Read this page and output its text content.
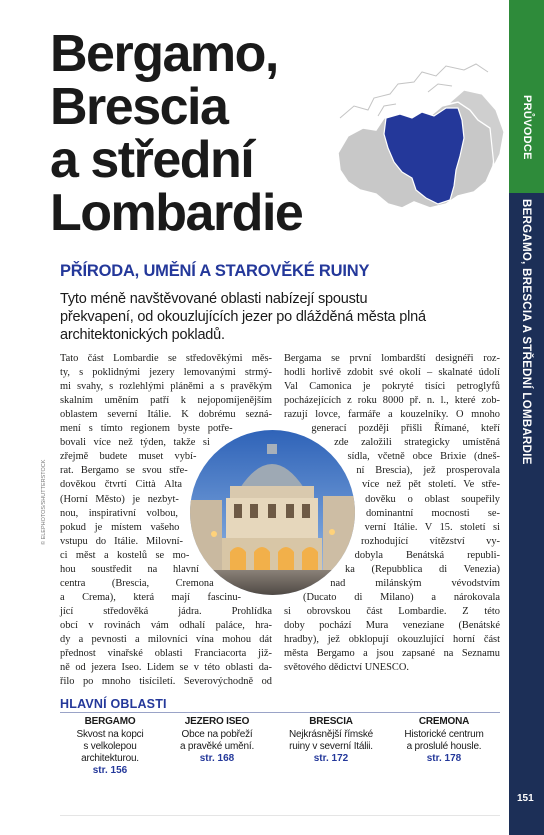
PRŮVODCE
BERGAMO, BRESCIA A STŘEDNÍ LOMBARDIE
Bergamo,
Brescia
a střední
Lombardie
PŘÍRODA, UMĚNÍ A STAROVĚKÉ RUINY
Tyto méně navštěvované oblasti nabízejí spoustu
překvapení, od okouzlujících jezer po dlážděná města plná
architektonických pokladů.
Tato část Lombardie se středověkými měs-
ty, s poklidnými jezery lemovanými strmý-
mi svahy, s rozlehlými pláněmi a s pravěkým
skalním uměním patří k nejopomíjenějším
oblastem severní Itálie. K dobrému sezná-
mení s tímto regionem byste potře-
bovali více než týden, takže si
zřejmě budete muset vybí-
rat. Bergamo se svou stře-
dověkou čtvrtí Città Alta
(Horní Město) je nezbyt-
nou, inspirativní volbou,
pokud je místem vašeho
vstupu do Itálie. Milovní-
ci měst a kostelů se mo-
hou soustředit na hlavní
centra (Brescia, Cremona
a Crema), která mají fascinu-
jící středověká jádra. Prohlídka
obcí v rovinách vám odhalí paláce, hra-
dy a pevnosti a milovníci vína mohou dát
přednost vinařské oblasti Franciacorta již-
ně od jezera Iseo. Lidem se v této oblasti da-
řilo po mnoho tisíciletí. Severovýchodně od
Bergama se první lombardští designéři roz-
hodli horlivě zdobit své okolí – skalnaté údolí
Val Camonica je pokryté tisíci petroglyfů
pocházejících z roku 8000 př. n. l., které zob-
razují lovce, farmáře a kouzelníky. O mnoho
generací později přišli Římané, kteří
zde založili strategicky umístěná
sídla, včetně obce Brixie (dneš-
ní Brescia), jež prosperovala
více než pět století. Ve stře-
dověku o oblast soupeřily
dominantní mocnosti se-
verní Itálie. V 15. století si
rozhodující vítězství vy-
dobyla Benátská republi-
ka (Repubblica di Venezia)
nad milánským vévodstvím
(Ducato di Milano) a nárokovala
si obrovskou část Lombardie. Z této
doby pochází Mura veneziane (Benátské
hradby), jež obklopují okouzlující horní část
města Bergamo a jsou zapsané na Seznamu
světového dědictví UNESCO.
© ELEPHOTOS/SHUTTERSTOCK
HLAVNÍ OBLASTI
BERGAMO
Skvost na kopci
s velkolepou
architekturou.
str. 156
JEZERO ISEO
Obce na pobřeží
a pravěké umění.
str. 168
BRESCIA
Nejkrásnější římské
ruiny v severní Itálii.
str. 172
CREMONA
Historické centrum
a proslulé housle.
str. 178
151
